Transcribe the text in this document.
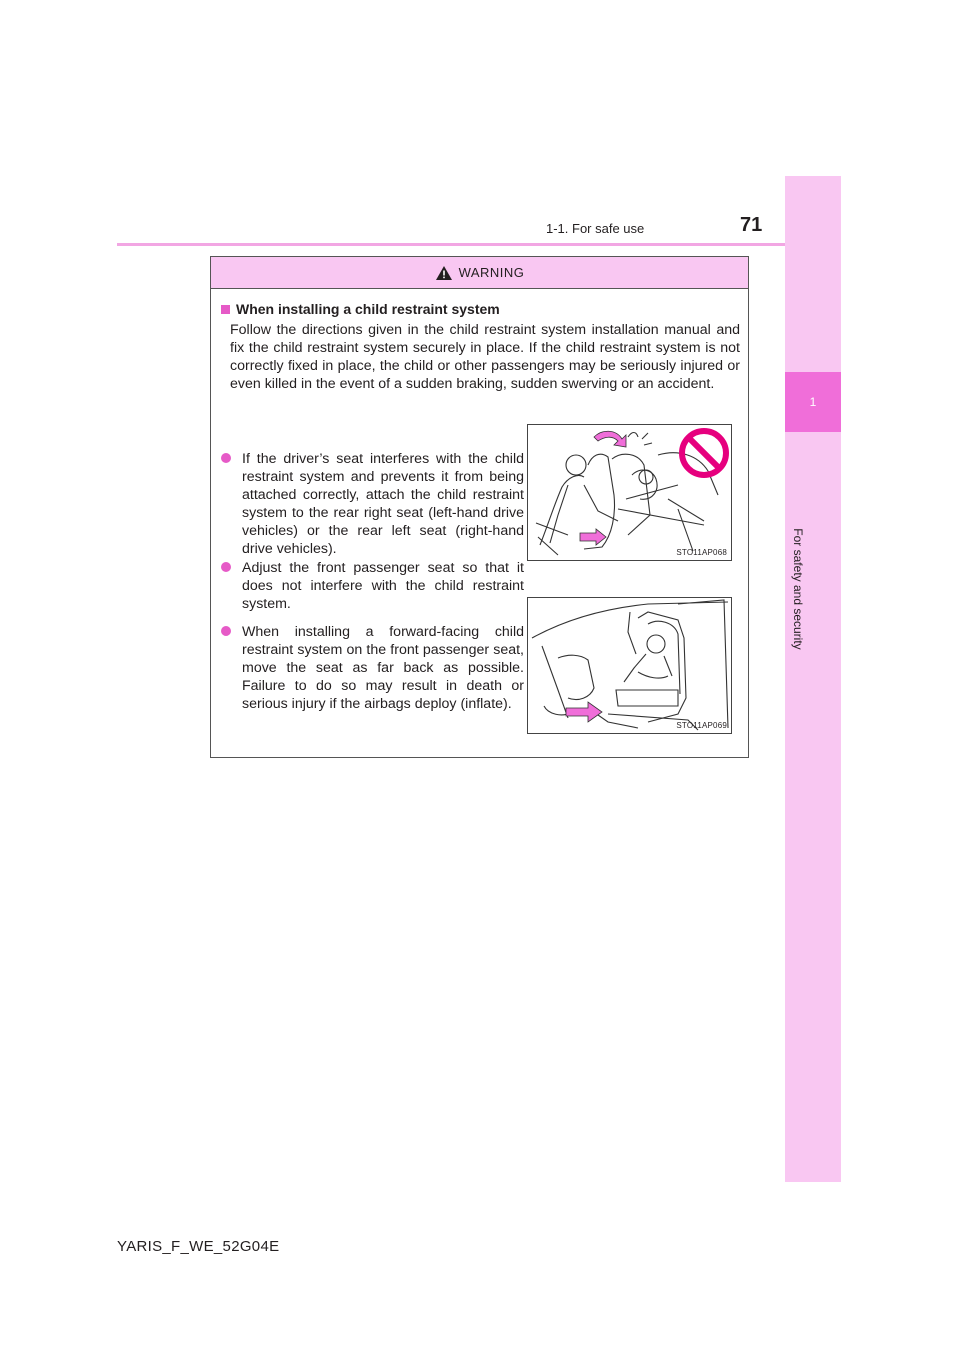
1-1. For safe use	71
1
For safety and security
WARNING
When installing a child restraint system

Follow the directions given in the child restraint system installation manual and fix the child restraint system securely in place. If the child restraint system is not correctly fixed in place, the child or other passengers may be seriously injured or even killed in the event of a sudden braking, sudden swerving or an accident.

If the driver’s seat interferes with the child restraint system and prevents it from being attached correctly, attach the child restraint system to the rear right seat (left-hand drive vehicles) or the rear left seat (right-hand drive vehicles).

Adjust the front passenger seat so that it does not interfere with the child restraint system.

When installing a forward-facing child restraint system on the front passenger seat, move the seat as far back as possible. Failure to do so may result in death or serious injury if the airbags deploy (inflate).

STO11AP068
STO11AP069
YARIS_F_WE_52G04E
